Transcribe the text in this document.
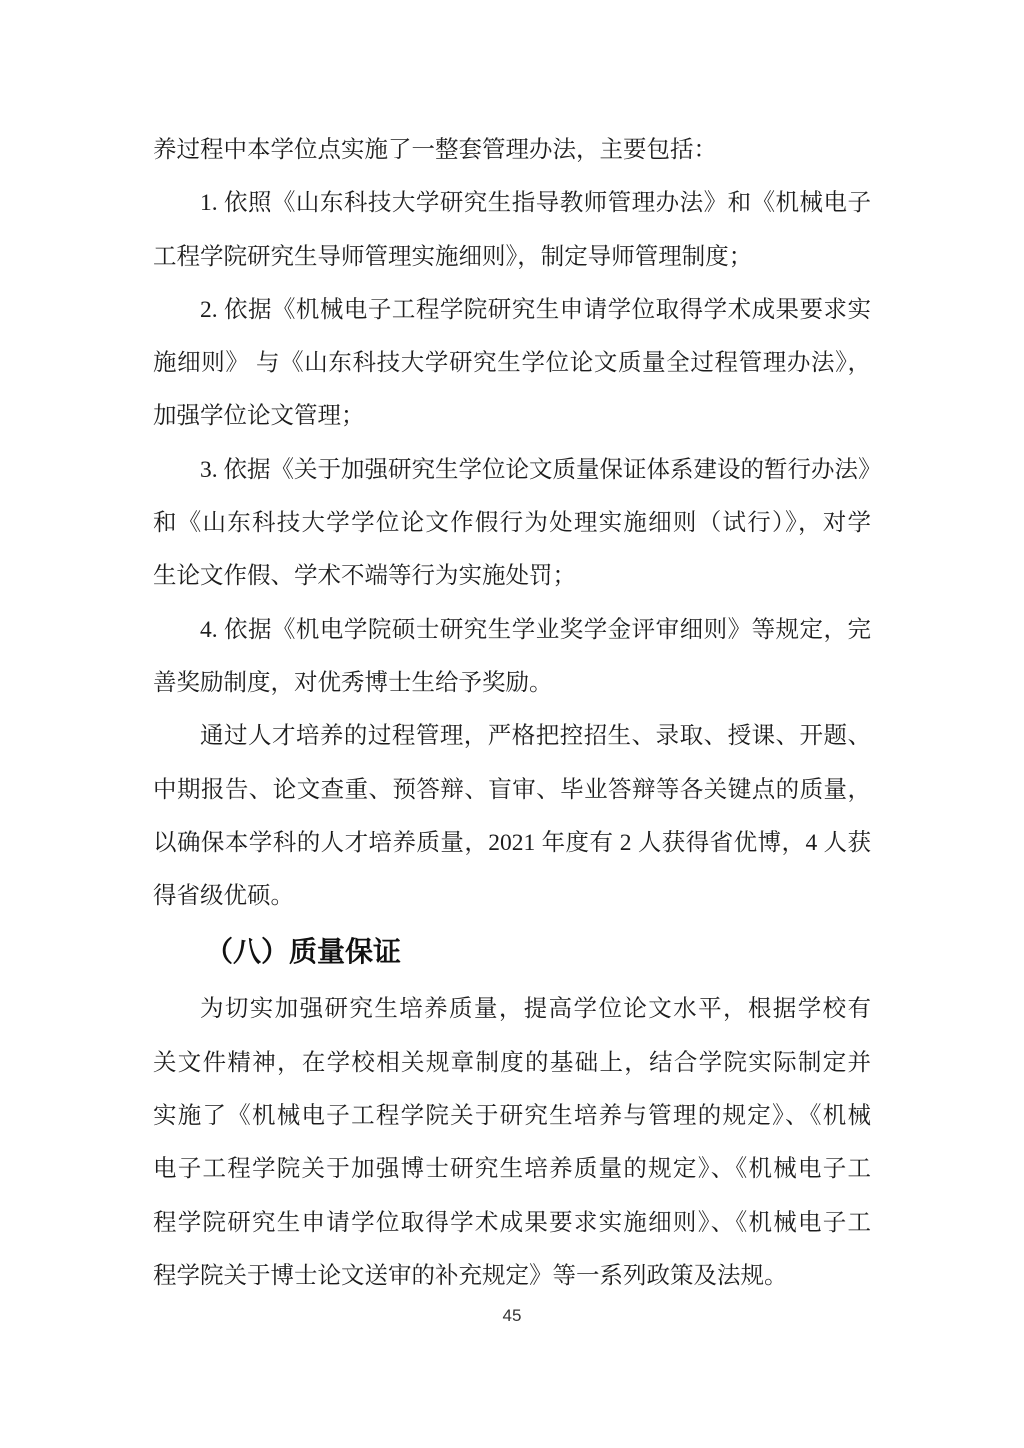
养过程中本学位点实施了一整套管理办法，主要包括：
1. 依照《山东科技大学研究生指导教师管理办法》和《机械电子
工程学院研究生导师管理实施细则》，制定导师管理制度；
2. 依据《机械电子工程学院研究生申请学位取得学术成果要求实
施细则》 与《山东科技大学研究生学位论文质量全过程管理办法》，
加强学位论文管理；
3. 依据《关于加强研究生学位论文质量保证体系建设的暂行办法》
和《山东科技大学学位论文作假行为处理实施细则（试行）》，对学
生论文作假、学术不端等行为实施处罚；
4. 依据《机电学院硕士研究生学业奖学金评审细则》等规定，完
善奖励制度，对优秀博士生给予奖励。
通过人才培养的过程管理，严格把控招生、录取、授课、开题、
中期报告、论文查重、预答辩、盲审、毕业答辩等各关键点的质量，
以确保本学科的人才培养质量，2021 年度有 2 人获得省优博，4 人获
得省级优硕。
（八）质量保证
为切实加强研究生培养质量，提高学位论文水平，根据学校有
关文件精神，在学校相关规章制度的基础上，结合学院实际制定并
实施了《机械电子工程学院关于研究生培养与管理的规定》、《机械
电子工程学院关于加强博士研究生培养质量的规定》、《机械电子工
程学院研究生申请学位取得学术成果要求实施细则》、《机械电子工
程学院关于博士论文送审的补充规定》等一系列政策及法规。
45
